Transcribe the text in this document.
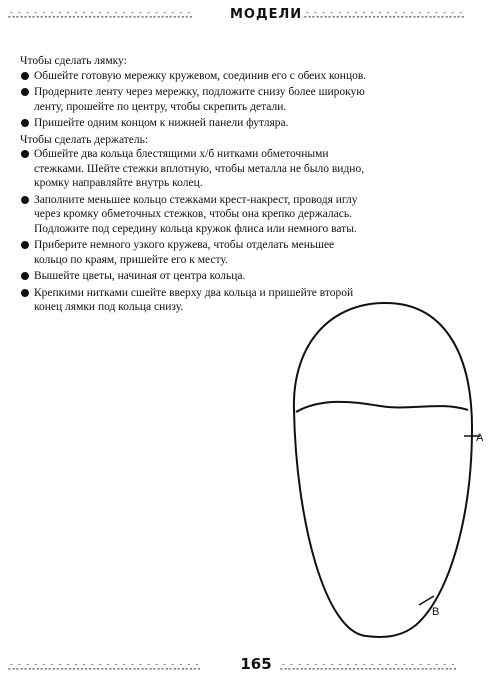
ஃஃஃஃஃஃஃஃஃஃஃஃஃஃஃஃஃஃஃஃஃஃஃ	МОДЕЛИ ஃஃஃஃஃஃஃஃஃஃஃஃஃஃஃஃஃஃஃஃ

Чтобы сделать лямку:

Обшейте готовую мережку кружевом, соединив его с обеих концов.
Продерните ленту через мережку, подложите снизу более широкую ленту, прошейте по центру, чтобы скрепить детали.
Пришейте одним концом к нижней панели футляра.

Чтобы сделать держатель:

Обшейте два кольца блестящими х/б нитками обметочными стежками. Шейте стежки вплотную, чтобы металла не было видно, кромку направляйте внутрь колец.
Заполните меньшее кольцо стежками крест-накрест, проводя иглу через кромку обметочных стежков, чтобы она крепко держалась. Подложите под середину кольца кружок флиса или немного ваты.
Приберите немного узкого кружева, чтобы отделать меньшее кольцо по краям, пришейте его к месту.
Вышейте цветы, начиная от центра кольца.
Крепкими нитками сшейте вверху два кольца и пришейте второй конец лямки под кольца снизу.
A
B
ஃஃஃஃஃஃஃஃஃஃஃஃஃஃஃஃஃஃஃஃஃஃஃஃ	165 ஃஃஃஃஃஃஃஃஃஃஃஃஃஃஃஃஃஃஃஃஃஃ
